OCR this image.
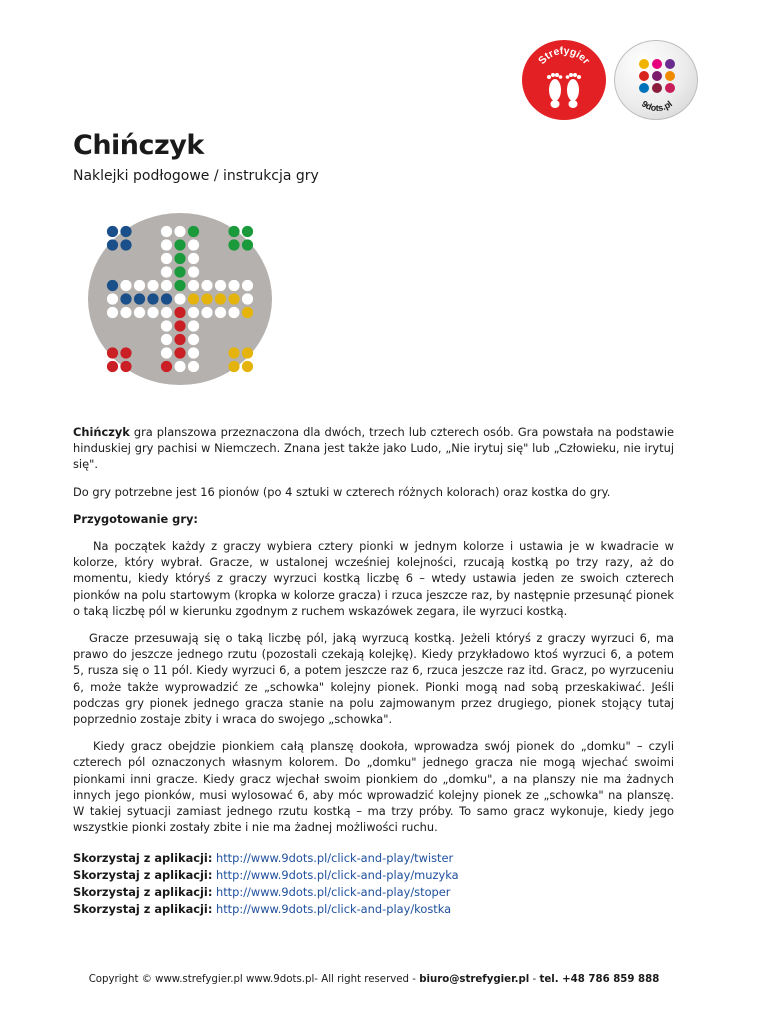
Strefygier
9dots.pl
Chińczyk
Naklejki podłogowe / instrukcja gry

Chińczyk gra planszowa przeznaczona dla dwóch, trzech lub czterech osób. Gra powstała na podstawie hinduskiej gry pachisi w Niemczech. Znana jest także jako Ludo, „Nie irytuj się" lub „Człowieku, nie irytuj się".

Do gry potrzebne jest 16 pionów (po 4 sztuki w czterech różnych kolorach) oraz kostka do gry.

Przygotowanie gry:

Na początek każdy z graczy wybiera cztery pionki w jednym kolorze i ustawia je w kwadracie w kolorze, który wybrał. Gracze, w ustalonej wcześniej kolejności, rzucają kostką po trzy razy, aż do momentu, kiedy któryś z graczy wyrzuci kostką liczbę 6 – wtedy ustawia jeden ze swoich czterech pionków na polu startowym (kropka w kolorze gracza) i rzuca jeszcze raz, by następnie przesunąć pionek o taką liczbę pól w kierunku zgodnym z ruchem wskazówek zegara, ile wyrzuci kostką.

Gracze przesuwają się o taką liczbę pól, jaką wyrzucą kostką. Jeżeli któryś z graczy wyrzuci 6, ma prawo do jeszcze jednego rzutu (pozostali czekają kolejkę). Kiedy przykładowo ktoś wyrzuci 6, a potem 5, rusza się o 11 pól. Kiedy wyrzuci 6, a potem jeszcze raz 6, rzuca jeszcze raz itd. Gracz, po wyrzuceniu 6, może także wyprowadzić ze „schowka" kolejny pionek. Pionki mogą nad sobą przeskakiwać. Jeśli podczas gry pionek jednego gracza stanie na polu zajmowanym przez drugiego, pionek stojący tutaj poprzednio zostaje zbity i wraca do swojego „schowka".

Kiedy gracz obejdzie pionkiem całą planszę dookoła, wprowadza swój pionek do „domku" – czyli czterech pól oznaczonych własnym kolorem. Do „domku" jednego gracza nie mogą wjechać swoimi pionkami inni gracze. Kiedy gracz wjechał swoim pionkiem do „domku", a na planszy nie ma żadnych innych jego pionków, musi wylosować 6, aby móc wprowadzić kolejny pionek ze „schowka" na planszę. W takiej sytuacji zamiast jednego rzutu kostką – ma trzy próby. To samo gracz wykonuje, kiedy jego wszystkie pionki zostały zbite i nie ma żadnej możliwości ruchu.

Skorzystaj z aplikacji: http://www.9dots.pl/click-and-play/twister
Skorzystaj z aplikacji: http://www.9dots.pl/click-and-play/muzyka
Skorzystaj z aplikacji: http://www.9dots.pl/click-and-play/stoper
Skorzystaj z aplikacji: http://www.9dots.pl/click-and-play/kostka
Copyright © www.strefygier.pl www.9dots.pl- All right reserved - biuro@strefygier.pl - tel. +48 786 859 888
